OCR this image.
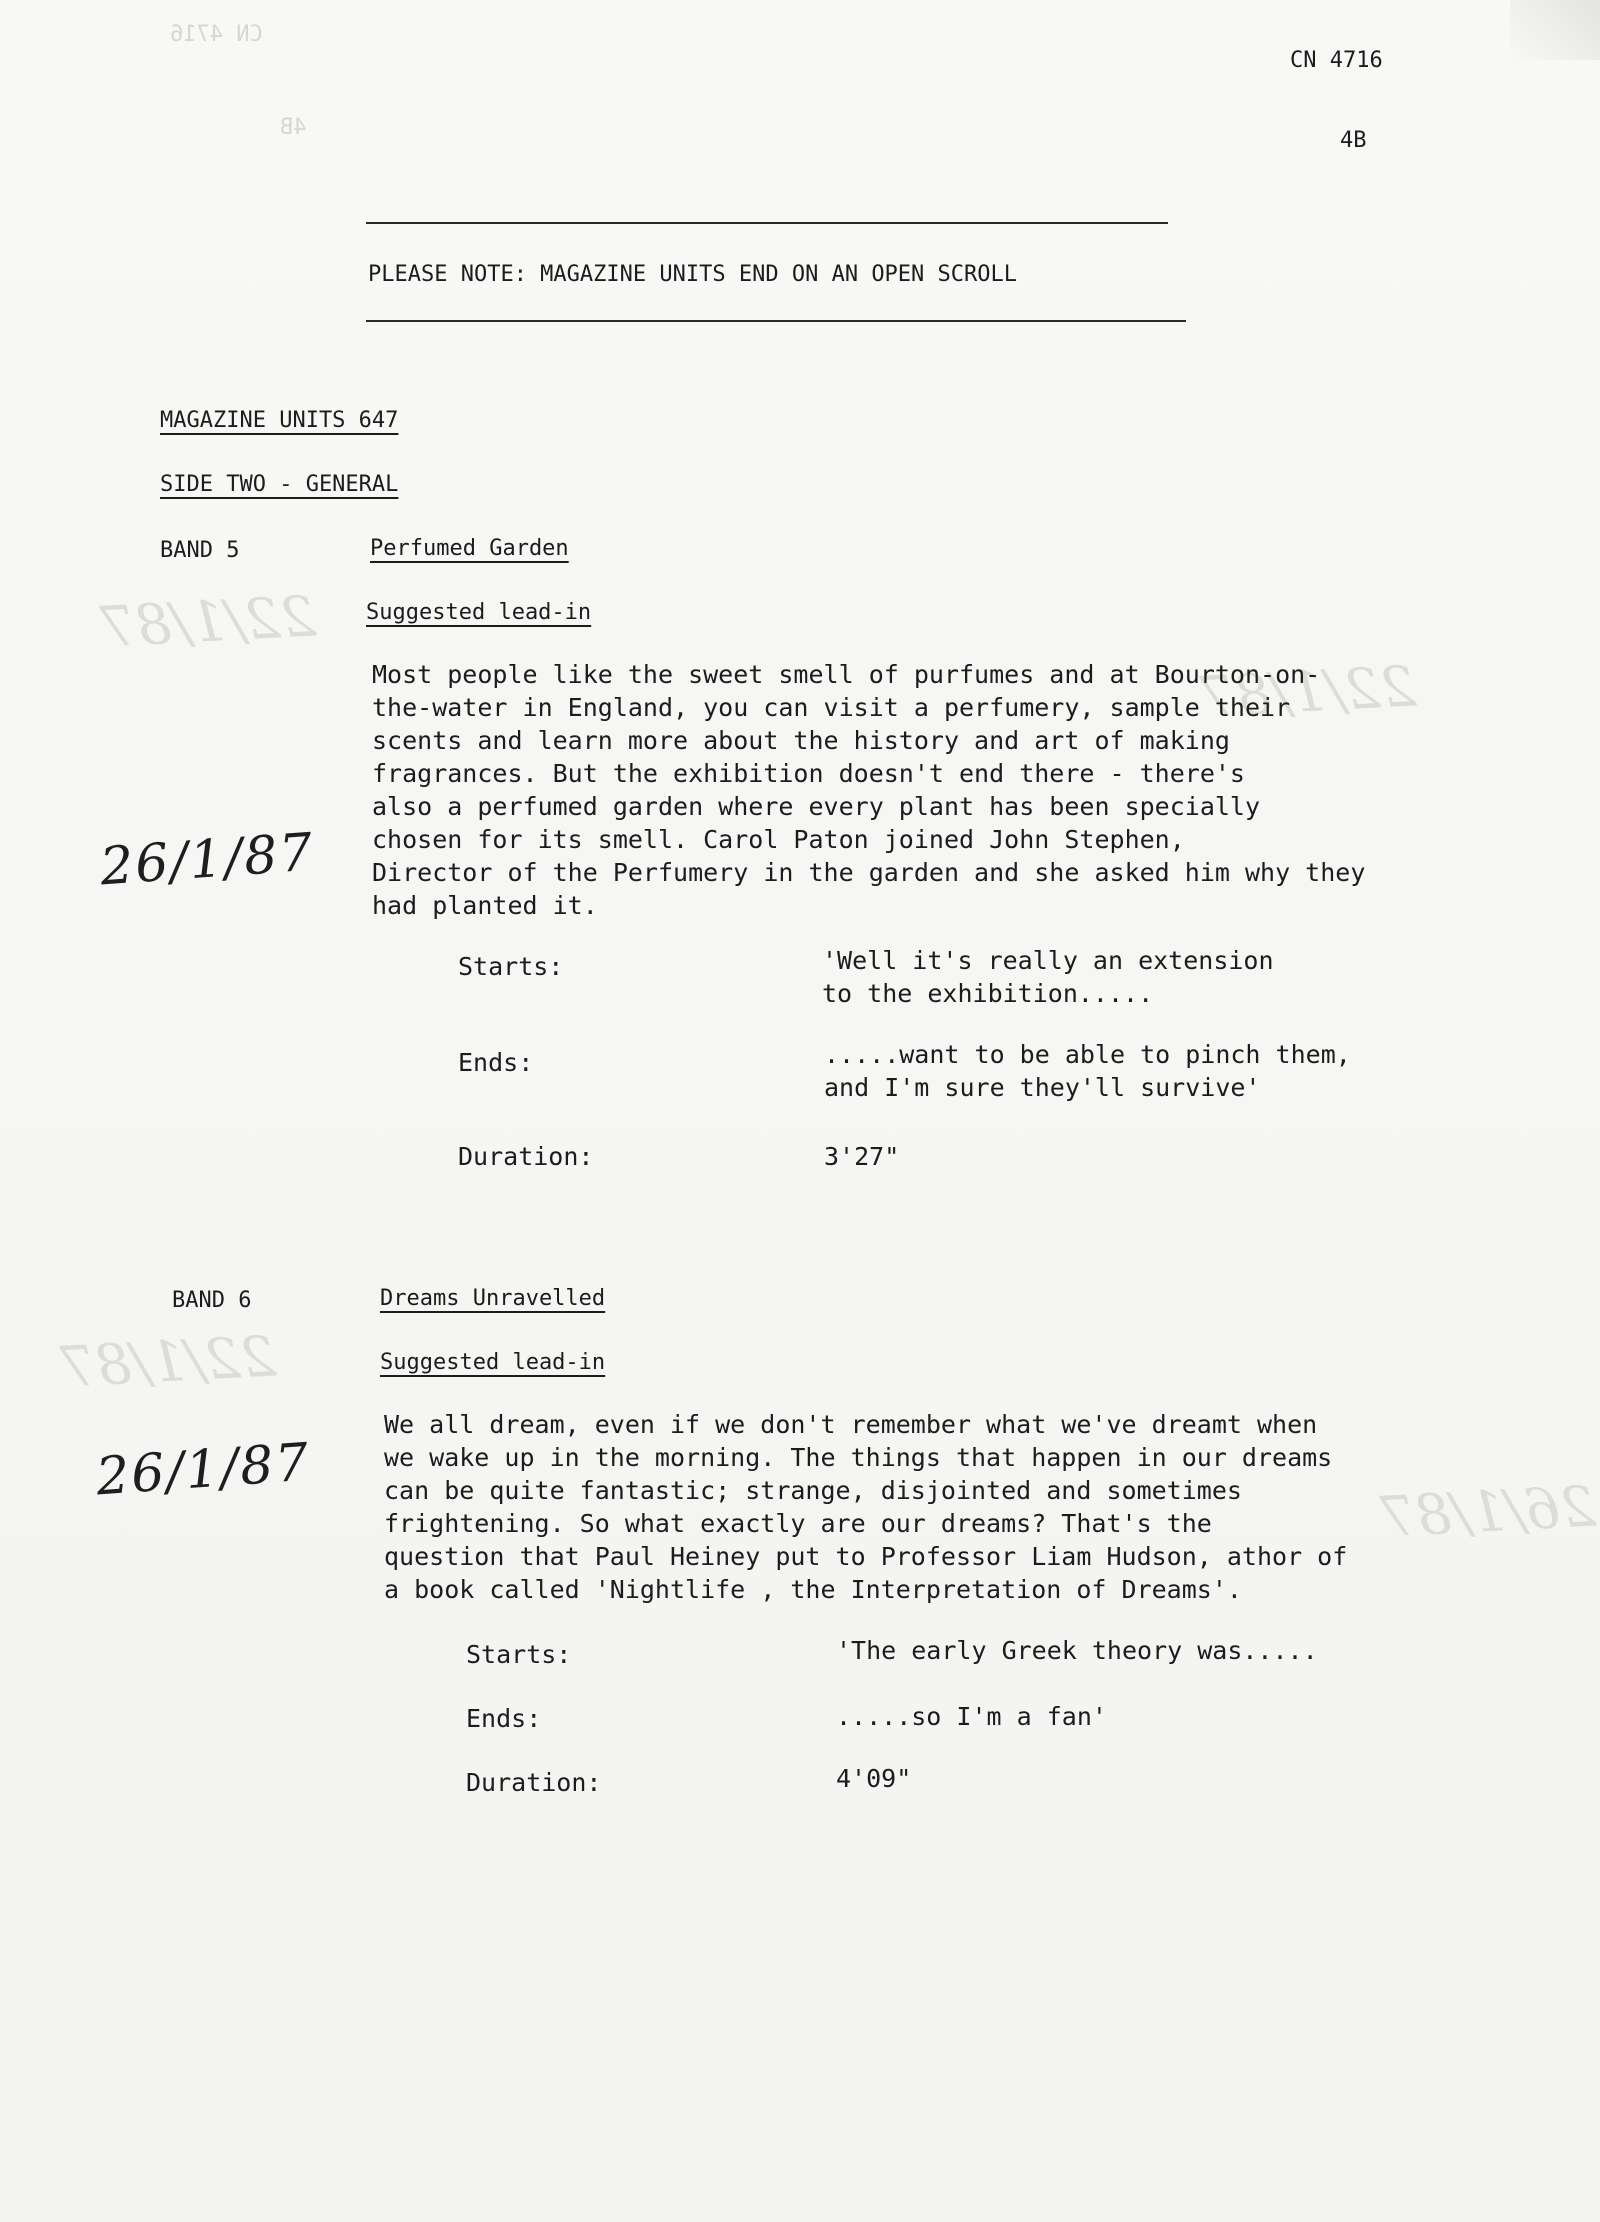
CN 4716
4B
22/1/87
22/1/87
22/1/87
26/1/87
CN 4716
4B
PLEASE NOTE: MAGAZINE UNITS END ON AN OPEN SCROLL
MAGAZINE UNITS 647
SIDE TWO - GENERAL
BAND 5	Perfumed Garden
Suggested lead-in
Most people like the sweet smell of purfumes and at Bourton-on-
the-water in England, you can visit a perfumery, sample their
scents and learn more about the history and art of making
fragrances. But the exhibition doesn't end there - there's
also a perfumed garden where every plant has been specially
chosen for its smell. Carol Paton joined John Stephen,
Director of the Perfumery in the garden and she asked him why they
had planted it.
26/1/87
Starts:	'Well it's really an extension
to the exhibition.....
Ends:	.....want to be able to pinch them,
and I'm sure they'll survive'
Duration:	3'27"
BAND 6	Dreams Unravelled
Suggested lead-in
We all dream, even if we don't remember what we've dreamt when
we wake up in the morning. The things that happen in our dreams
can be quite fantastic; strange, disjointed and sometimes
frightening. So what exactly are our dreams? That's the
question that Paul Heiney put to Professor Liam Hudson, athor of
a book called 'Nightlife , the Interpretation of Dreams'.
26/1/87
Starts:	'The early Greek theory was.....
Ends:	.....so I'm a fan'
Duration:	4'09"
